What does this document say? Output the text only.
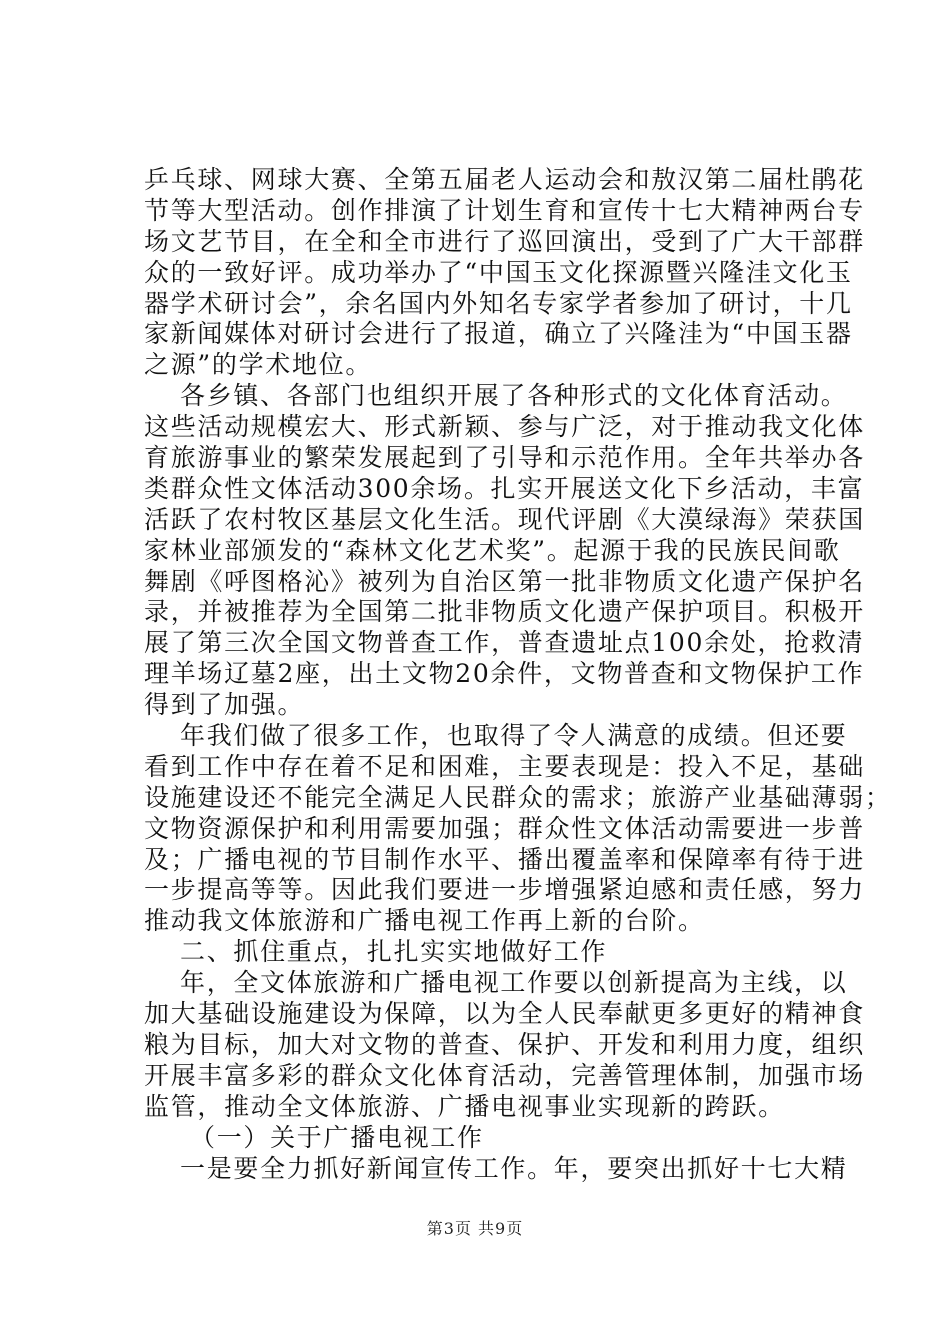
乒乓球、网球大赛、全第五届老人运动会和敖汉第二届杜鹃花
节等大型活动。创作排演了计划生育和宣传十七大精神两台专
场文艺节目，在全和全市进行了巡回演出，受到了广大干部群
众的一致好评。成功举办了“中国玉文化探源暨兴隆洼文化玉
器学术研讨会”，余名国内外知名专家学者参加了研讨，十几
家新闻媒体对研讨会进行了报道，确立了兴隆洼为“中国玉器
之源”的学术地位。
各乡镇、各部门也组织开展了各种形式的文化体育活动。
这些活动规模宏大、形式新颖、参与广泛，对于推动我文化体
育旅游事业的繁荣发展起到了引导和示范作用。全年共举办各
类群众性文体活动300余场。扎实开展送文化下乡活动，丰富
活跃了农村牧区基层文化生活。现代评剧《大漠绿海》荣获国
家林业部颁发的“森林文化艺术奖”。起源于我的民族民间歌
舞剧《呼图格沁》被列为自治区第一批非物质文化遗产保护名
录，并被推荐为全国第二批非物质文化遗产保护项目。积极开
展了第三次全国文物普查工作，普查遗址点100余处，抢救清
理羊场辽墓2座，出土文物20余件，文物普查和文物保护工作
得到了加强。
年我们做了很多工作，也取得了令人满意的成绩。但还要
看到工作中存在着不足和困难，主要表现是：投入不足，基础
设施建设还不能完全满足人民群众的需求；旅游产业基础薄弱；
文物资源保护和利用需要加强；群众性文体活动需要进一步普
及；广播电视的节目制作水平、播出覆盖率和保障率有待于进
一步提高等等。因此我们要进一步增强紧迫感和责任感，努力
推动我文体旅游和广播电视工作再上新的台阶。
二、抓住重点，扎扎实实地做好工作
年，全文体旅游和广播电视工作要以创新提高为主线，以
加大基础设施建设为保障，以为全人民奉献更多更好的精神食
粮为目标，加大对文物的普查、保护、开发和利用力度，组织
开展丰富多彩的群众文化体育活动，完善管理体制，加强市场
监管，推动全文体旅游、广播电视事业实现新的跨跃。
（一）关于广播电视工作
一是要全力抓好新闻宣传工作。年，要突出抓好十七大精
第3页 共9页
